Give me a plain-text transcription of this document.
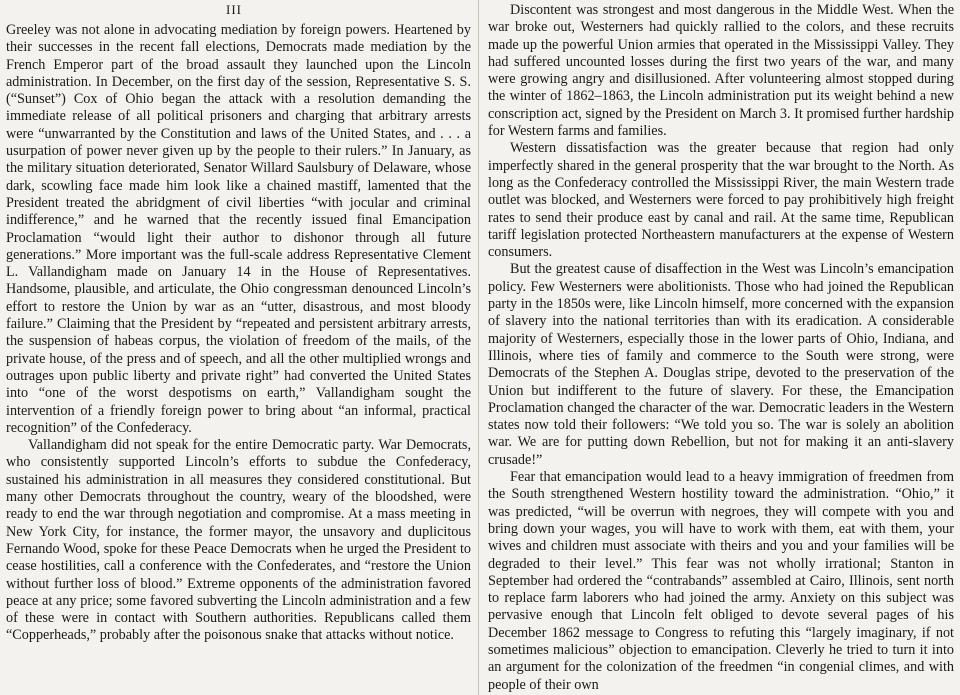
III

Greeley was not alone in advocating mediation by foreign powers. Heartened by their successes in the recent fall elections, Democrats made mediation by the French Emperor part of the broad assault they launched upon the Lincoln administration. In December, on the first day of the session, Representative S. S. (“Sunset”) Cox of Ohio began the attack with a resolution demanding the immediate release of all political prisoners and charging that arbitrary arrests were “unwarranted by the Constitution and laws of the United States, and . . . a usurpation of power never given up by the people to their rulers.” In January, as the military situation deteriorated, Senator Willard Saulsbury of Delaware, whose dark, scowling face made him look like a chained mastiff, lamented that the President treated the abridgment of civil liberties “with jocular and criminal indifference,” and he warned that the recently issued final Emancipation Proclamation “would light their author to dishonor through all future generations.” More important was the full-scale address Representative Clement L. Vallandigham made on January 14 in the House of Representatives. Handsome, plausible, and articulate, the Ohio congressman denounced Lincoln’s effort to restore the Union by war as an “utter, disastrous, and most bloody failure.” Claiming that the President by “repeated and persistent arbitrary arrests, the suspension of habeas corpus, the violation of freedom of the mails, of the private house, of the press and of speech, and all the other multiplied wrongs and outrages upon public liberty and private right” had converted the United States into “one of the worst despotisms on earth,” Vallandigham sought the intervention of a friendly foreign power to bring about “an informal, practical recognition” of the Confederacy.

Vallandigham did not speak for the entire Democratic party. War Democrats, who consistently supported Lincoln’s efforts to subdue the Confederacy, sustained his administration in all measures they considered constitutional. But many other Democrats throughout the country, weary of the bloodshed, were ready to end the war through negotiation and compromise. At a mass meeting in New York City, for instance, the former mayor, the unsavory and duplicitous Fernando Wood, spoke for these Peace Democrats when he urged the President to cease hostilities, call a conference with the Confederates, and “restore the Union without further loss of blood.” Extreme opponents of the administration favored peace at any price; some favored subverting the Lincoln administration and a few of these were in contact with Southern authorities. Republicans called them “Copperheads,” probably after the poisonous snake that attacks without notice.

Discontent was strongest and most dangerous in the Middle West. When the war broke out, Westerners had quickly rallied to the colors, and these recruits made up the powerful Union armies that operated in the Mississippi Valley. They had suffered uncounted losses during the first two years of the war, and many were growing angry and disillusioned. After volunteering almost stopped during the winter of 1862–1863, the Lincoln administration put its weight behind a new conscription act, signed by the President on March 3. It promised further hardship for Western farms and families.

Western dissatisfaction was the greater because that region had only imperfectly shared in the general prosperity that the war brought to the North. As long as the Confederacy controlled the Mississippi River, the main Western trade outlet was blocked, and Westerners were forced to pay prohibitively high freight rates to send their produce east by canal and rail. At the same time, Republican tariff legislation protected Northeastern manufacturers at the expense of Western consumers.

But the greatest cause of disaffection in the West was Lincoln’s emancipation policy. Few Westerners were abolitionists. Those who had joined the Republican party in the 1850s were, like Lincoln himself, more concerned with the expansion of slavery into the national territories than with its eradication. A considerable majority of Westerners, especially those in the lower parts of Ohio, Indiana, and Illinois, where ties of family and commerce to the South were strong, were Democrats of the Stephen A. Douglas stripe, devoted to the preservation of the Union but indifferent to the future of slavery. For these, the Emancipation Proclamation changed the character of the war. Democratic leaders in the Western states now told their followers: “We told you so. The war is solely an abolition war. We are for putting down Rebellion, but not for making it an anti-slavery crusade!”

Fear that emancipation would lead to a heavy immigration of freedmen from the South strengthened Western hostility toward the administration. “Ohio,” it was predicted, “will be overrun with negroes, they will compete with you and bring down your wages, you will have to work with them, eat with them, your wives and children must associate with theirs and you and your families will be degraded to their level.” This fear was not wholly irrational; Stanton in September had ordered the “contrabands” assembled at Cairo, Illinois, sent north to replace farm laborers who had joined the army. Anxiety on this subject was pervasive enough that Lincoln felt obliged to devote several pages of his December 1862 message to Congress to refuting this “largely imaginary, if not sometimes malicious” objection to emancipation. Cleverly he tried to turn it into an argument for the colonization of the freedmen “in congenial climes, and with people of their own
